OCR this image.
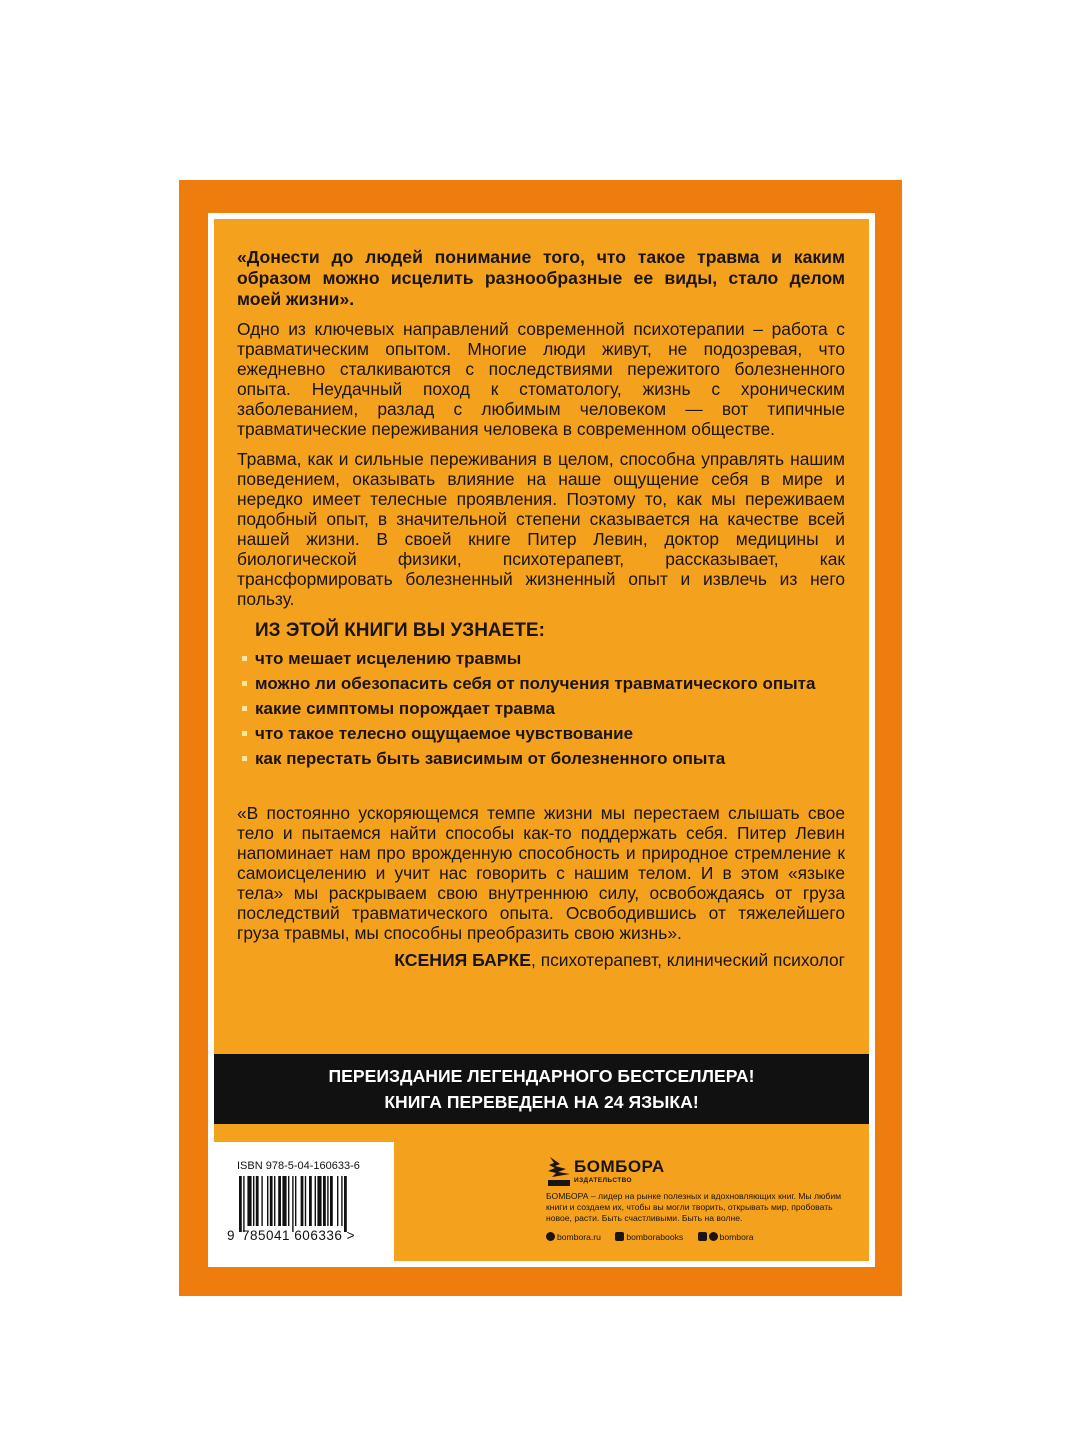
«Донести до людей понимание того, что такое травма и каким образом можно исцелить разнообразные ее виды, стало делом моей жизни».

Одно из ключевых направлений современной психотерапии – работа с травматическим опытом. Многие люди живут, не подозревая, что ежедневно сталкиваются с последствиями пережитого болезненного опыта. Неудачный поход к стоматологу, жизнь с хроническим заболеванием, разлад с любимым человеком — вот типичные травматические переживания человека в современном обществе.

Травма, как и сильные переживания в целом, способна управлять нашим поведением, оказывать влияние на наше ощущение себя в мире и нередко имеет телесные проявления. Поэтому то, как мы переживаем подобный опыт, в значительной степени сказывается на качестве всей нашей жизни. В своей книге Питер Левин, доктор медицины и биологической физики, психотерапевт, рассказывает, как трансформировать болезненный жизненный опыт и извлечь из него пользу.

ИЗ ЭТОЙ КНИГИ ВЫ УЗНАЕТЕ:
что мешает исцелению травмы
можно ли обезопасить себя от получения травматического опыта
какие симптомы порождает травма
что такое телесно ощущаемое чувствование
как перестать быть зависимым от болезненного опыта

«В постоянно ускоряющемся темпе жизни мы перестаем слышать свое тело и пытаемся найти способы как-то поддержать себя. Питер Левин напоминает нам про врожденную способность и природное стремление к самоисцелению и учит нас говорить с нашим телом. И в этом «языке тела» мы раскрываем свою внутреннюю силу, освобождаясь от груза последствий травматического опыта. Освободившись от тяжелейшего груза травмы, мы способны преобразить свою жизнь».

КСЕНИЯ БАРКЕ, психотерапевт, клинический психолог
ПЕРЕИЗДАНИЕ ЛЕГЕНДАРНОГО БЕСТСЕЛЛЕРА!
КНИГА ПЕРЕВЕДЕНА НА 24 ЯЗЫКА!
ISBN 978-5-04-160633-6
9 785041 606336 >
БОМБОРА
ИЗДАТЕЛЬСТВО
БОМБОРА – лидер на рынке полезных и вдохновляющих книг. Мы любим книги и создаем их, чтобы вы могли творить, открывать мир, пробовать новое, расти. Быть счастливыми. Быть на волне.
bombora.ru	bomborabooks	bombora
